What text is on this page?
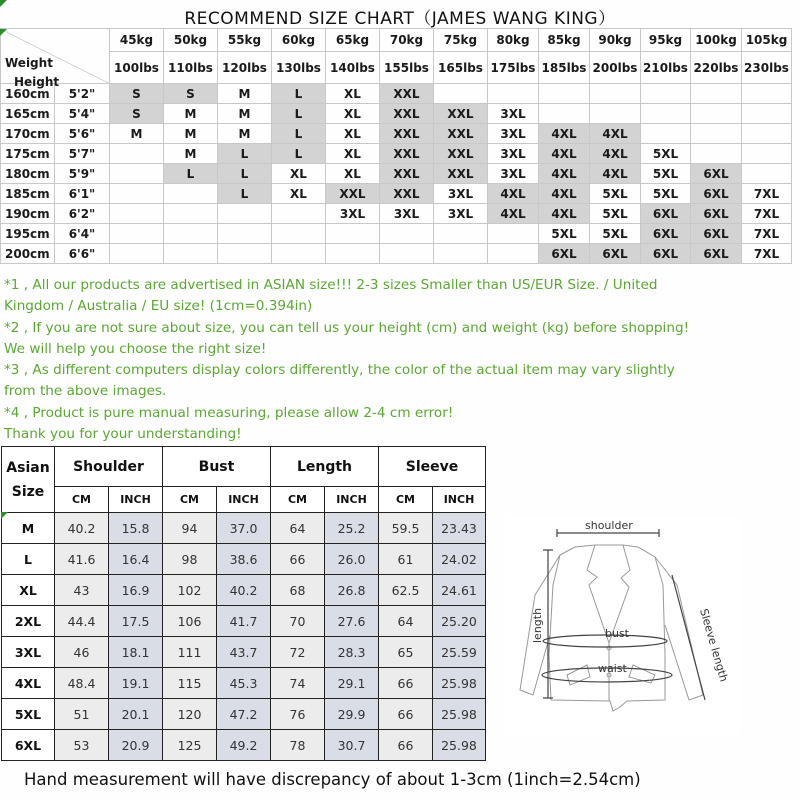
RECOMMEND SIZE CHART（JAMES WANG KING）
Weight
Height		45kg	50kg	55kg	60kg	65kg	70kg	75kg	80kg	85kg	90kg	95kg	100kg	105kg
		100lbs	110lbs	120lbs	130lbs	140lbs	155lbs	165lbs	175lbs	185lbs	200lbs	210lbs	220lbs	230lbs
160cm	5'2"	S	S	M	L	XL	XXL							
165cm	5'4"	S	M	M	L	XL	XXL	XXL	3XL					
170cm	5'6"	M	M	M	L	XL	XXL	XXL	3XL	4XL	4XL			
175cm	5'7"		M	L	L	XL	XXL	XXL	3XL	4XL	4XL	5XL		
180cm	5'9"		L	L	XL	XL	XXL	XXL	3XL	4XL	4XL	5XL	6XL	
185cm	6'1"			L	XL	XXL	XXL	3XL	4XL	4XL	5XL	5XL	6XL	7XL
190cm	6'2"					3XL	3XL	3XL	4XL	4XL	5XL	6XL	6XL	7XL
195cm	6'4"									5XL	5XL	6XL	6XL	7XL
200cm	6'6"									6XL	6XL	6XL	6XL	7XL
*1 , All our products are advertised in ASIAN size!!! 2-3 sizes Smaller than US/EUR Size. / United
Kingdom / Australia / EU size! (1cm=0.394in)
*2 , If you are not sure about size, you can tell us your height (cm) and weight (kg) before shopping!
We will help you choose the right size!
*3 , As different computers display colors differently, the color of the actual item may vary slightly
from the above images.
*4 , Product is pure manual measuring, please allow 2-4 cm error!
Thank you for your understanding!
Asian
Size	Shoulder		Bust		Length		Sleeve	
	CM	INCH	CM	INCH	CM	INCH	CM	INCH
M	40.2	15.8	94	37.0	64	25.2	59.5	23.43
L	41.6	16.4	98	38.6	66	26.0	61	24.02
XL	43	16.9	102	40.2	68	26.8	62.5	24.61
2XL	44.4	17.5	106	41.7	70	27.6	64	25.20
3XL	46	18.1	111	43.7	72	28.3	65	25.59
4XL	48.4	19.1	115	45.3	74	29.1	66	25.98
5XL	51	20.1	120	47.2	76	29.9	66	25.98
6XL	53	20.9	125	49.2	78	30.7	66	25.98
shoulder
bust
waist
length	Sleeve length
Hand measurement will have discrepancy of about 1-3cm (1inch=2.54cm)
